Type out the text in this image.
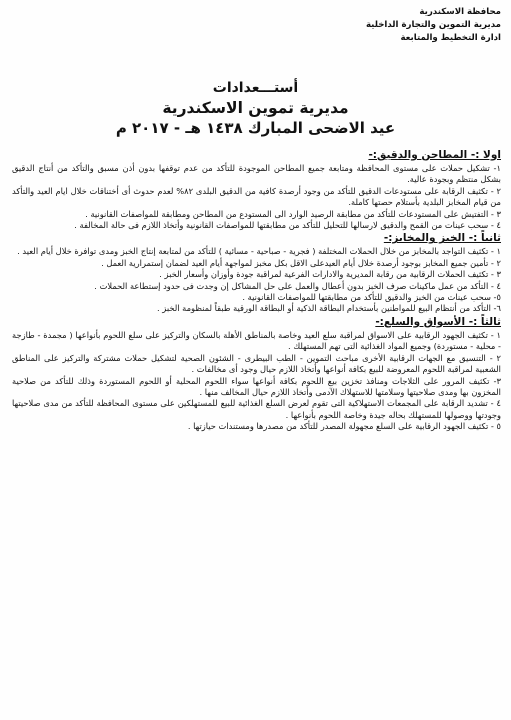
محافظة الاسكندرية
مديرية التموين والتجارة الداخلية
ادارة التخطيط والمتابعة
أستـــعدادات
مديرية تموين الاسكندرية
عيد الاضحى المبارك ١٤٣٨ هـ - ٢٠١٧ م
اولا :- المطاحن والدقيق:-

١- تشكيل حملات على مستوى المحافظة ومتابعة جميع المطاحن الموجودة للتأكد من عدم توقفها بدون أذن مسبق والتأكد من أنتاج الدقيق بشكل منتظم وبجودة عالية.

٢ - تكثيف الرقابة على مستودعات الدقيق للتأكد من وجود أرصدة كافية من الدقيق البلدى ٨٢% لعدم حدوث أى أختناقات خلال ايام العيد والتأكد من قيام المخابز البلدية بأستلام حصتها كاملة.

٣ - التفتيش على المستودعات للتأكد من مطابقة الرصيد الوارد الى المستودع من المطاحن ومطابقة للمواصفات القانونية .

٤ - سحب عينات من القمح والدقيق لارسالها للتحليل للتأكد من مطابقتها للمواصفات القانونية وأتخاذ اللازم فى حالة المخالفة .

ثانياً :- الخبز والمخابز:-

١ - تكثيف التواجد بالمخابز من خلال الحملات المختلفة ( فجرية - صباحية - مسائية ) للتأكد من لمتابعة إنتاج الخبز ومدى توافرة خلال أيام العيد .

٢ - تأمين جميع المخابز بوجود أرصدة خلال أيام العيدعلى الاقل بكل مخبز لمواجهة أيام العيد لضمان إستمرارية العمل .

٣ - تكثيف الحملات الرقابية من رقابة المديرية والادارات الفرعية لمراقبة جودة وأوزان وأسعار الخبز .

٤ - التأكد من عمل ماكينات صرف الخبز بدون أعطال والعمل على حل المشاكل إن وجدت فى حدود إستطاعة الحملات .

٥- سحب عينات من الخبز والدقيق للتأكد من مطابقتها للمواصفات القانونية .

٦- التأكد من أنتظام البيع للمواطنين بأستخدام البطاقة الذكية أو البطاقة الورقية طبقاً لمنظومة الخبز .

ثالثاً :- الأسواق والسلع:-

١ - تكثيف الجهود الرقابية على الاسواق لمراقبة سلع العيد وخاصة بالمناطق الأهلة بالسكان والتركيز على سلع اللحوم بأنواعها ( مجمدة - طازجة - محلية - مستوردة) وجميع المواد الغذائية التى تهم المستهلك .

٢ - التنسيق مع الجهات الرقابية الأخرى مباحث التموين - الطب البيطرى - الشئون الصحية لتشكيل حملات مشتركة والتركيز على المناطق الشعبية لمراقبة اللحوم المعروضة للبيع بكافة أنواعها وأتخاذ اللازم حيال وجود أى مخالفات .

٣- تكثيف المرور على الثلاجات ومنافذ تخزين بيع اللحوم بكافة أنواعها سواء اللحوم المحلية أو اللحوم المستوردة وذلك للتأكد من صلاحية المخزون بها ومدى صلاحيتها وسلامتها للاستهلاك الآدمى وأتخاذ اللازم حيال المخالف منها .

٤ - تشديد الرقابة على المجمعات الاستهلاكية التى تقوم لعرض السلع الغذائية للبيع للمستهلكين على مستوى المحافظة للتأكد من مدى صلاحيتها وجودتها ووصولها للمستهلك بحاله جيدة وخاصة اللحوم بأنواعها .

٥ - تكثيف الجهود الرقابية على السلع مجهولة المصدر للتأكد من مصدرها ومستندات حيازتها .
